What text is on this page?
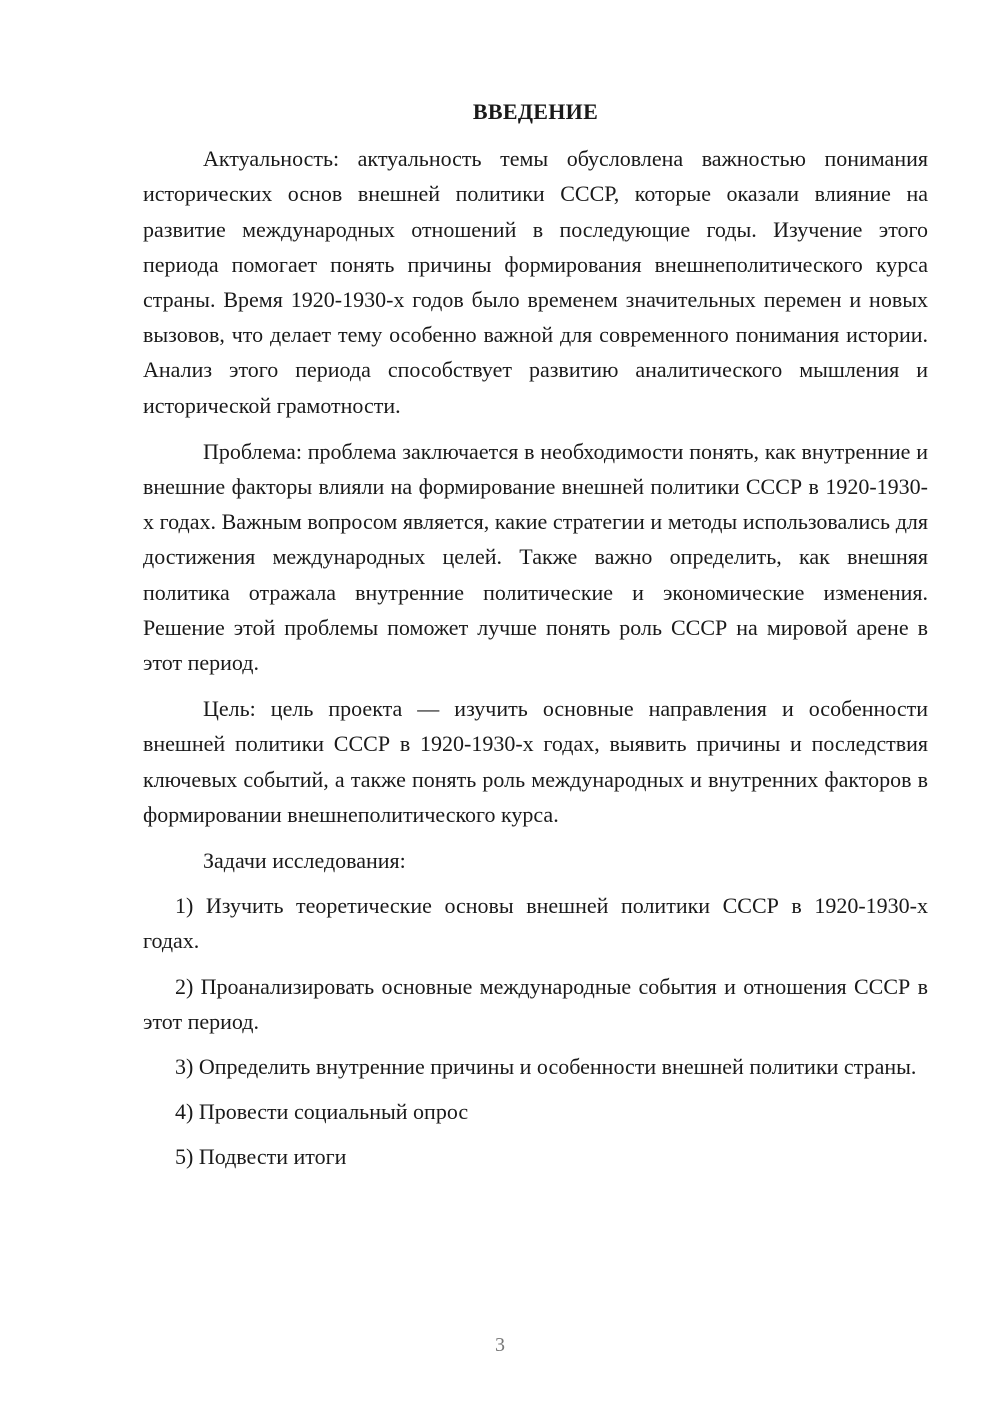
ВВЕДЕНИЕ

Актуальность: актуальность темы обусловлена важностью понимания исторических основ внешней политики СССР, которые оказали влияние на развитие международных отношений в последующие годы. Изучение этого периода помогает понять причины формирования внешнеполитического курса страны. Время 1920-1930-х годов было временем значительных перемен и новых вызовов, что делает тему особенно важной для современного понимания истории. Анализ этого периода способствует развитию аналитического мышления и исторической грамотности.

Проблема: проблема заключается в необходимости понять, как внутренние и внешние факторы влияли на формирование внешней политики СССР в 1920-1930-х годах. Важным вопросом является, какие стратегии и методы использовались для достижения международных целей. Также важно определить, как внешняя политика отражала внутренние политические и экономические изменения. Решение этой проблемы поможет лучше понять роль СССР на мировой арене в этот период.

Цель: цель проекта — изучить основные направления и особенности внешней политики СССР в 1920-1930-х годах, выявить причины и последствия ключевых событий, а также понять роль международных и внутренних факторов в формировании внешнеполитического курса.

Задачи исследования:

1) Изучить теоретические основы внешней политики СССР в 1920-1930-х годах.

2) Проанализировать основные международные события и отношения СССР в этот период.

3) Определить внутренние причины и особенности внешней политики страны.

4) Провести социальный опрос

5) Подвести итоги

3
